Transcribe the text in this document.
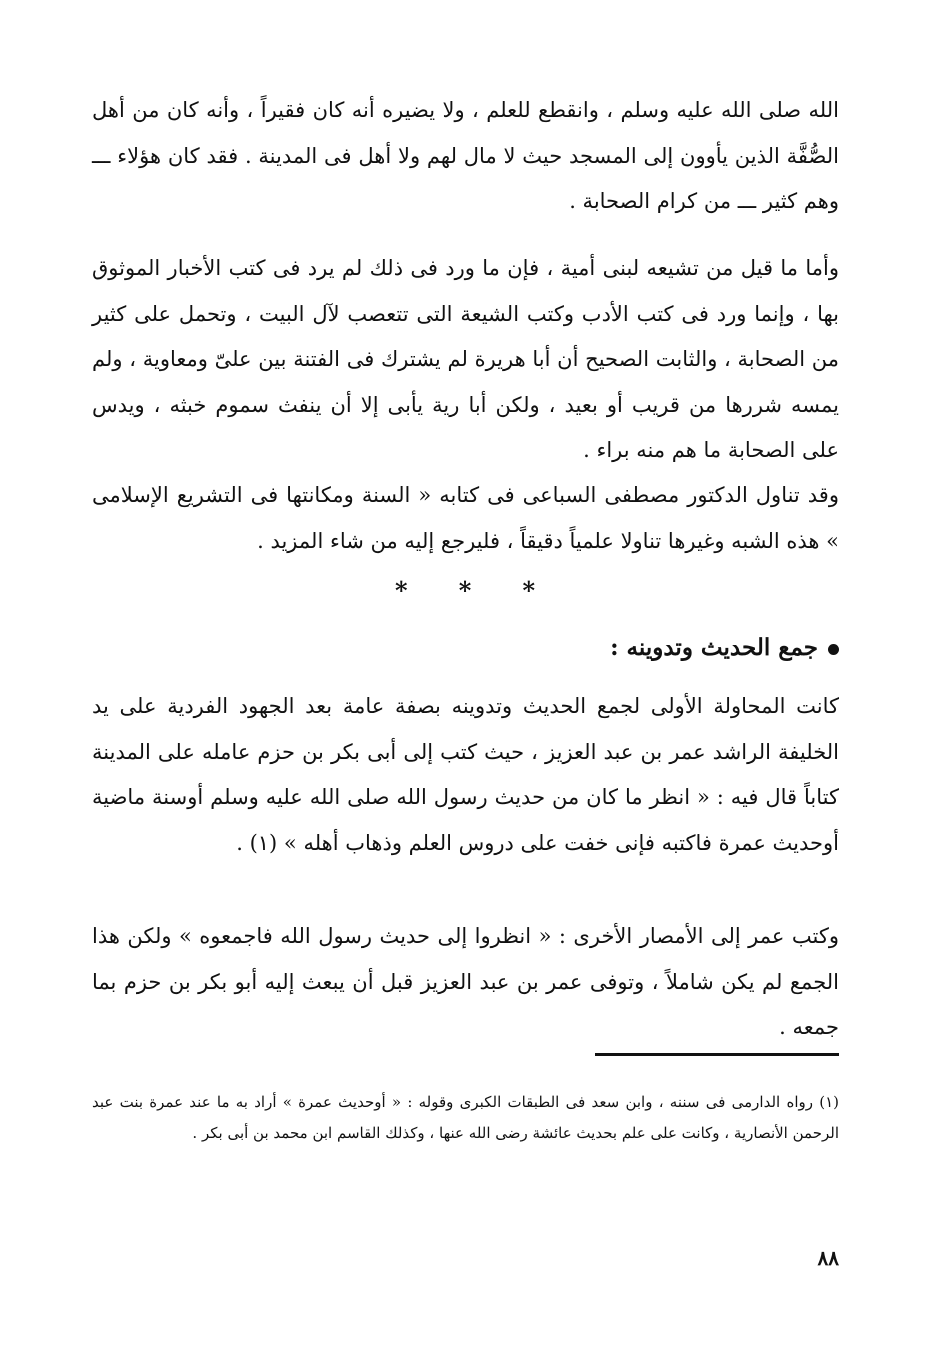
الله صلى الله عليه وسلم ، وانقطع للعلم ، ولا يضيره أنه كان فقيراً ، وأنه كان من أهل الصُّفَّة الذين يأوون إلى المسجد حيث لا مال لهم ولا أهل فى المدينة . فقد كان هؤلاء ـــ وهم كثير ـــ من كرام الصحابة .

وأما ما قيل من تشيعه لبنى أمية ، فإن ما ورد فى ذلك لم يرد فى كتب الأخبار الموثوق بها ، وإنما ورد فى كتب الأدب وكتب الشيعة التى تتعصب لآل البيت ، وتحمل على كثير من الصحابة ، والثابت الصحيح أن أبا هريرة لم يشترك فى الفتنة بين علىّ ومعاوية ، ولم يمسه شررها من قريب أو بعيد ، ولكن أبا رية يأبى إلا أن ينفث سموم خبثه ، ويدس على الصحابة ما هم منه براء .

وقد تناول الدكتور مصطفى السباعى فى كتابه « السنة ومكانتها فى التشريع الإسلامى » هذه الشبه وغيرها تناولا علمياً دقيقاً ، فليرجع إليه من شاء المزيد .

* * *
جمع الحديث وتدوينه :

كانت المحاولة الأولى لجمع الحديث وتدوينه بصفة عامة بعد الجهود الفردية على يد الخليفة الراشد عمر بن عبد العزيز ، حيث كتب إلى أبى بكر بن حزم عامله على المدينة كتاباً قال فيه : « انظر ما كان من حديث رسول الله صلى الله عليه وسلم أوسنة ماضية أوحديث عمرة فاكتبه فإنى خفت على دروس العلم وذهاب أهله » (١) .

وكتب عمر إلى الأمصار الأخرى : « انظروا إلى حديث رسول الله فاجمعوه » ولكن هذا الجمع لم يكن شاملاً ، وتوفى عمر بن عبد العزيز قبل أن يبعث إليه أبو بكر بن حزم بما جمعه .

(١) رواه الدارمى فى سننه ، وابن سعد فى الطبقات الكبرى وقوله : « أوحديث عمرة » أراد به ما عند عمرة بنت عبد الرحمن الأنصارية ، وكانت على علم بحديث عائشة رضى الله عنها ، وكذلك القاسم ابن محمد بن أبى بكر .

٨٨
